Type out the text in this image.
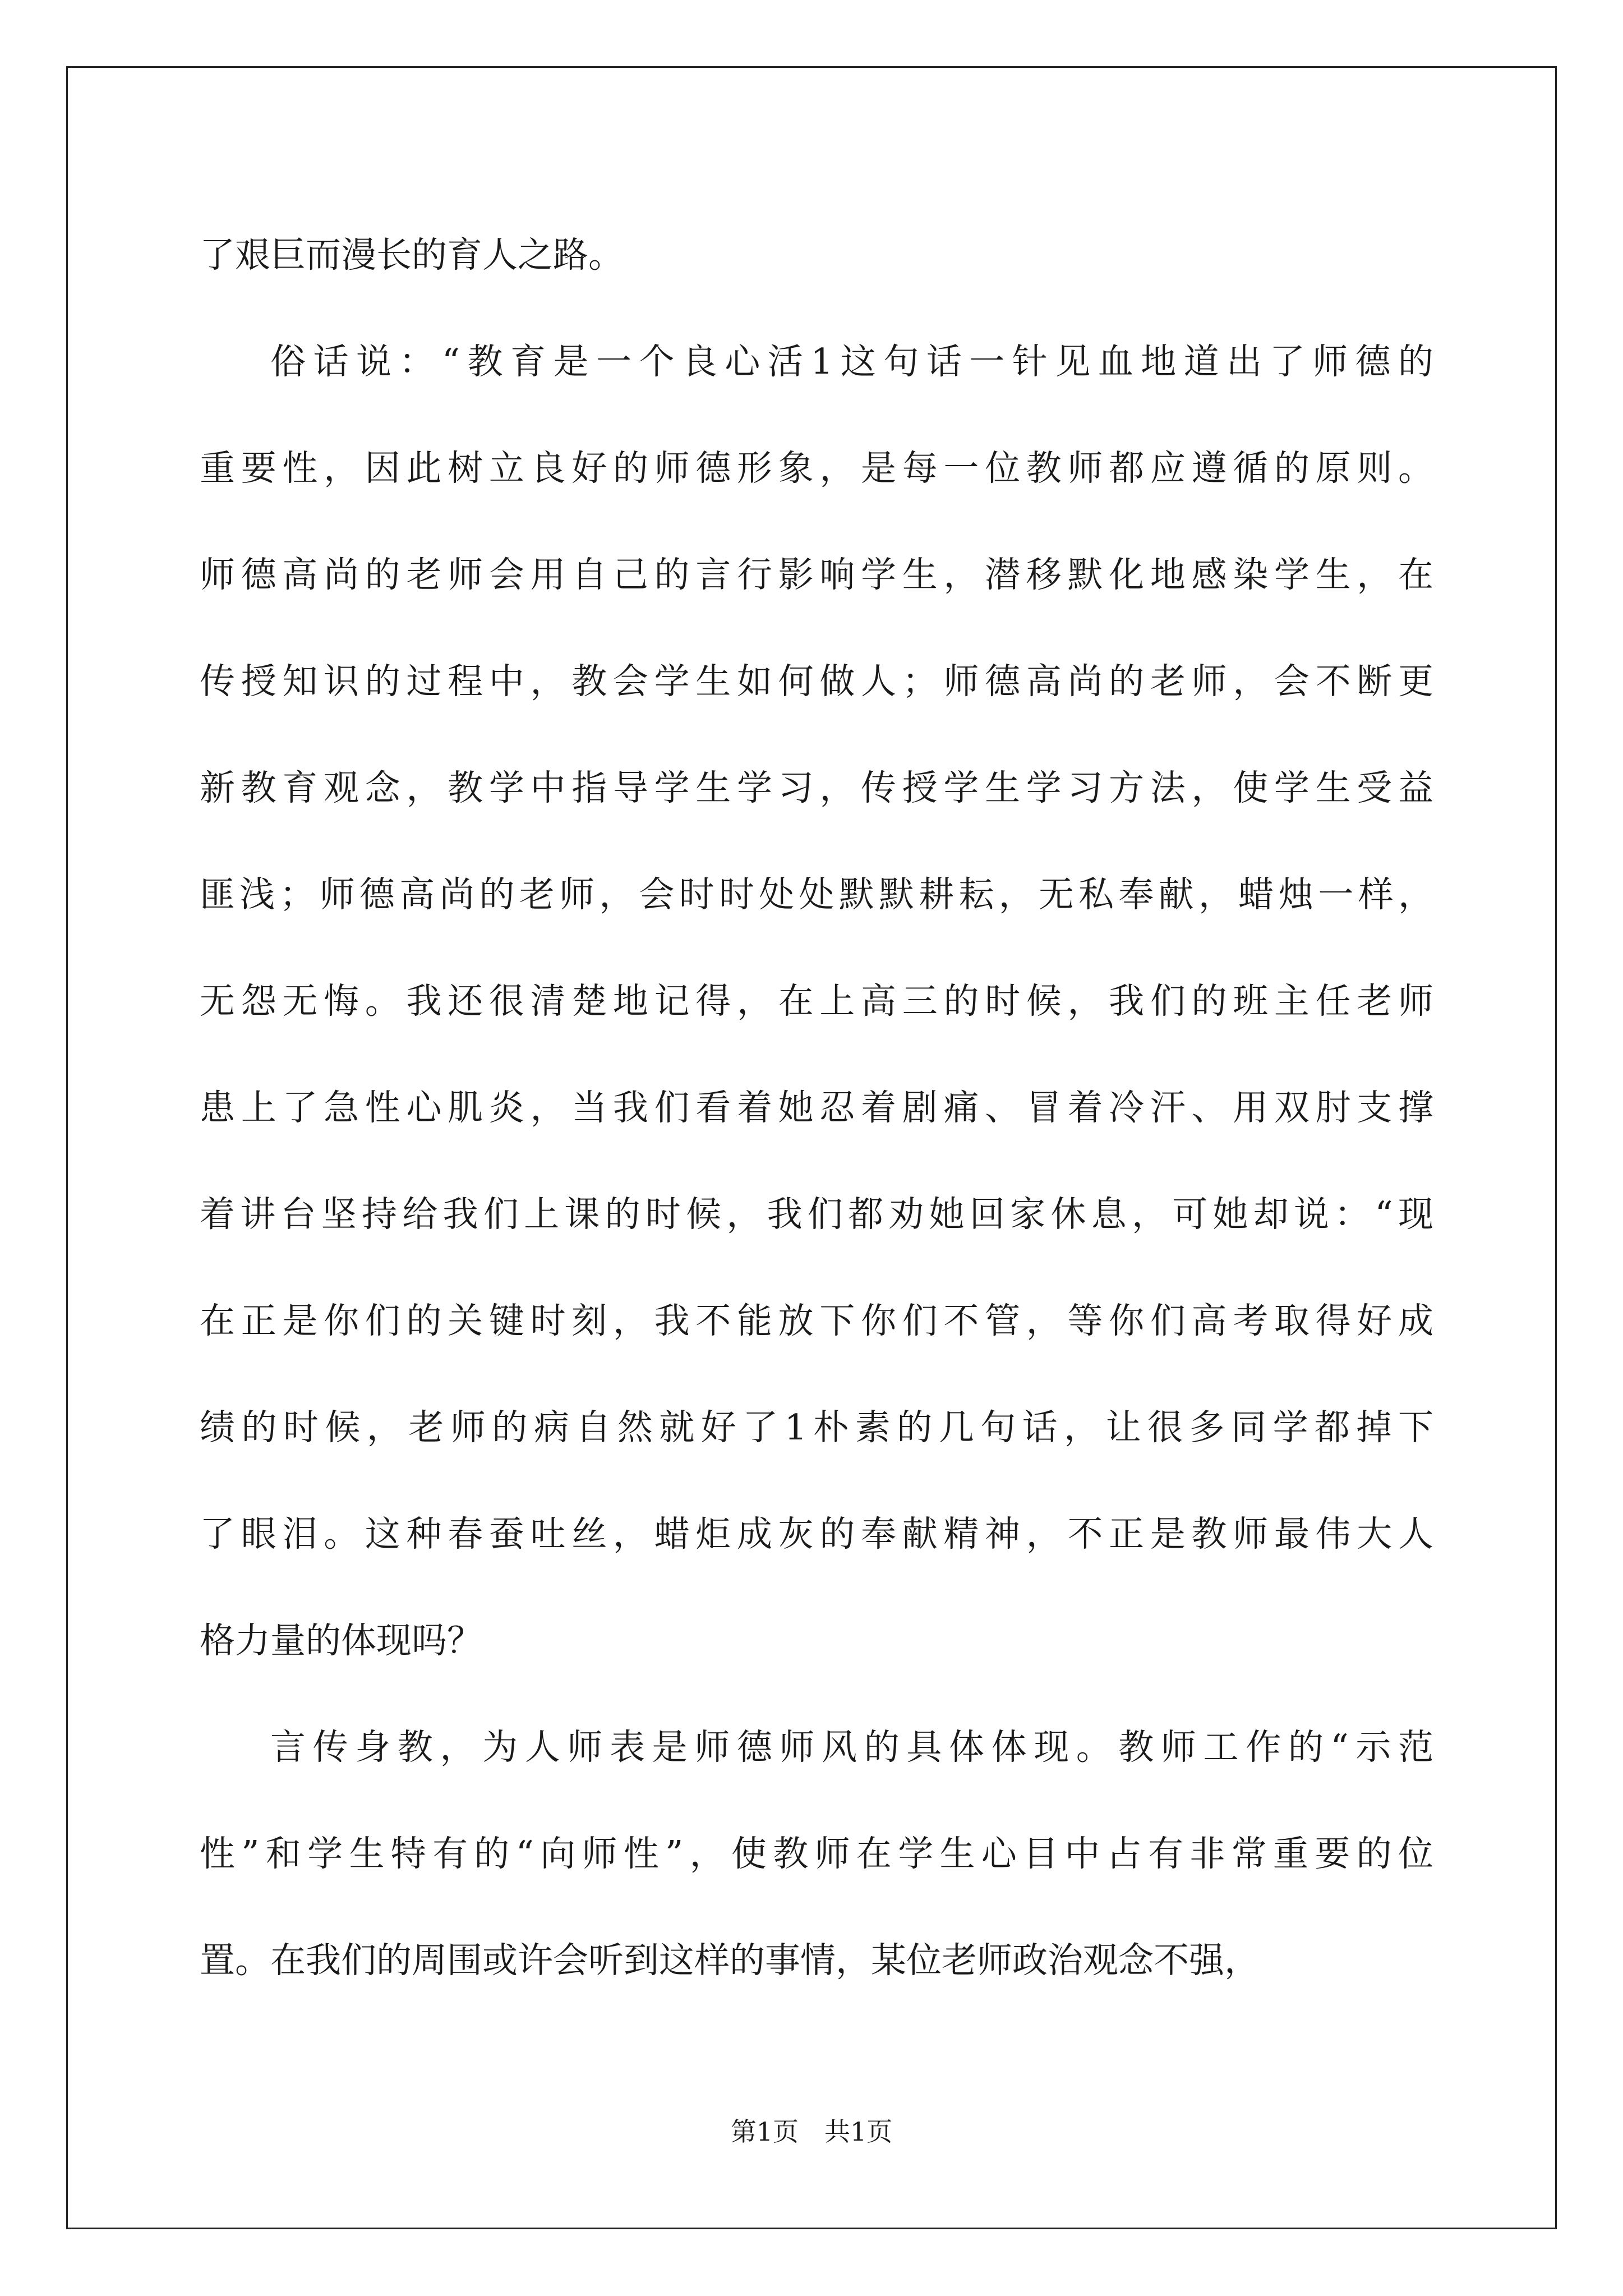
了艰巨而漫长的育人之路。
俗话说：“教育是一个良心活1这句话一针见血地道出了师德的
重要性，因此树立良好的师德形象，是每一位教师都应遵循的原则。
师德高尚的老师会用自己的言行影响学生，潜移默化地感染学生，在
传授知识的过程中，教会学生如何做人；师德高尚的老师，会不断更
新教育观念，教学中指导学生学习，传授学生学习方法，使学生受益
匪浅；师德高尚的老师，会时时处处默默耕耘，无私奉献，蜡烛一样，
无怨无悔。我还很清楚地记得，在上高三的时候，我们的班主任老师
患上了急性心肌炎，当我们看着她忍着剧痛、冒着冷汗、用双肘支撑
着讲台坚持给我们上课的时候，我们都劝她回家休息，可她却说：“现
在正是你们的关键时刻，我不能放下你们不管，等你们高考取得好成
绩的时候，老师的病自然就好了1朴素的几句话，让很多同学都掉下
了眼泪。这种春蚕吐丝，蜡炬成灰的奉献精神，不正是教师最伟大人
格力量的体现吗？
言传身教，为人师表是师德师风的具体体现。教师工作的“示范
性”和学生特有的“向师性”，使教师在学生心目中占有非常重要的位
置。在我们的周围或许会听到这样的事情，某位老师政治观念不强，
第1页　共1页
